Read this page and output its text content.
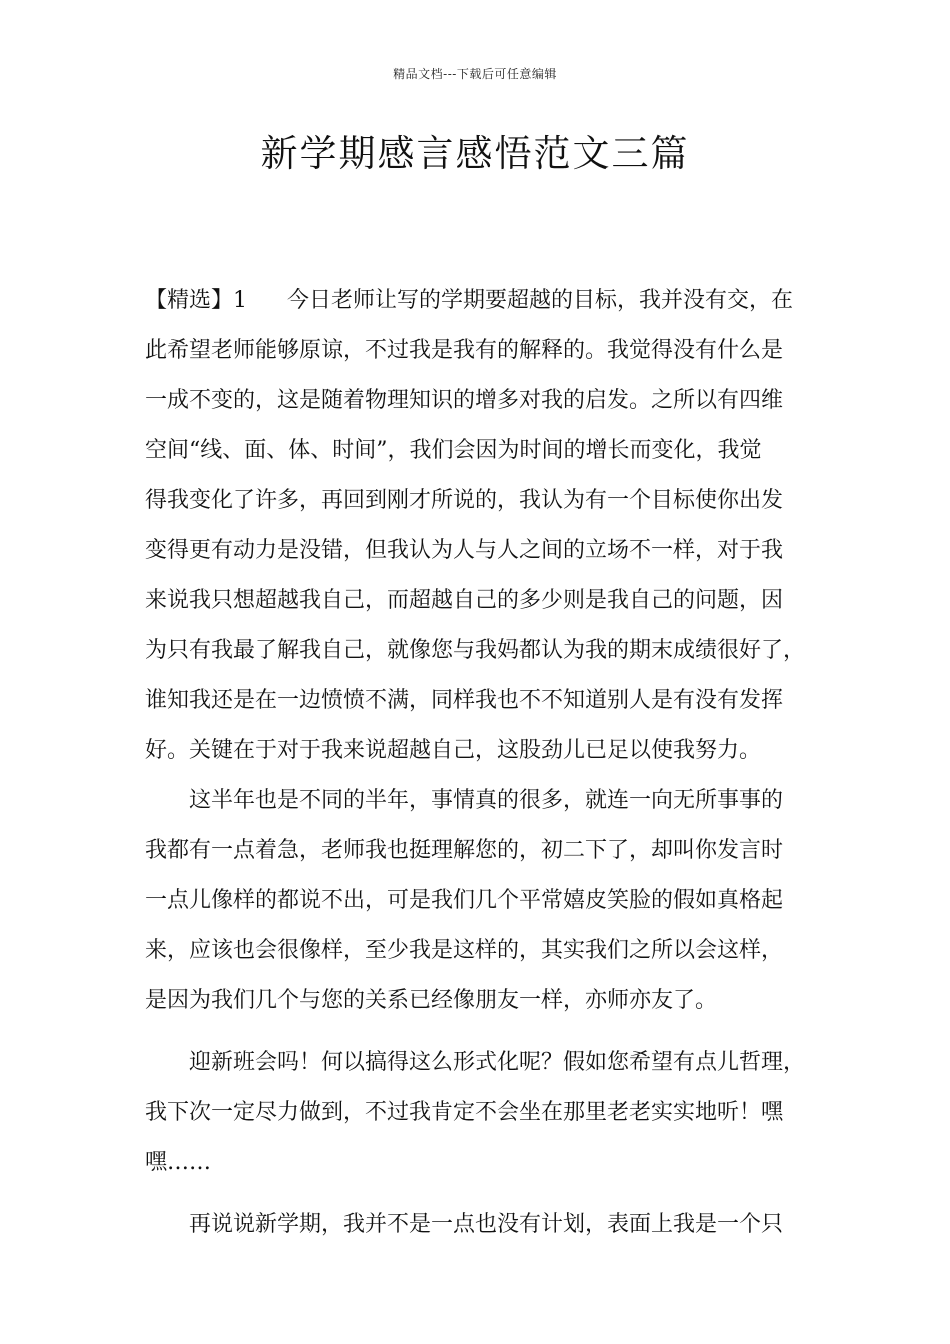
精品文档---下载后可任意编辑
新学期感言感悟范文三篇
【精选】1 今日老师让写的学期要超越的目标，我并没有交，在
此希望老师能够原谅，不过我是我有的解释的。我觉得没有什么是
一成不变的，这是随着物理知识的增多对我的启发。之所以有四维
空间“线、面、体、时间”，我们会因为时间的增长而变化，我觉
得我变化了许多，再回到刚才所说的，我认为有一个目标使你出发
变得更有动力是没错，但我认为人与人之间的立场不一样，对于我
来说我只想超越我自己，而超越自己的多少则是我自己的问题，因
为只有我最了解我自己，就像您与我妈都认为我的期末成绩很好了，
谁知我还是在一边愤愤不满，同样我也不不知道别人是有没有发挥
好。关键在于对于我来说超越自己，这股劲儿已足以使我努力。
这半年也是不同的半年，事情真的很多，就连一向无所事事的
我都有一点着急，老师我也挺理解您的，初二下了，却叫你发言时
一点儿像样的都说不出，可是我们几个平常嬉皮笑脸的假如真格起
来，应该也会很像样，至少我是这样的，其实我们之所以会这样，
是因为我们几个与您的关系已经像朋友一样，亦师亦友了。
迎新班会吗！何以搞得这么形式化呢？假如您希望有点儿哲理，
我下次一定尽力做到，不过我肯定不会坐在那里老老实实地听！嘿
嘿……
再说说新学期，我并不是一点也没有计划，表面上我是一个只
